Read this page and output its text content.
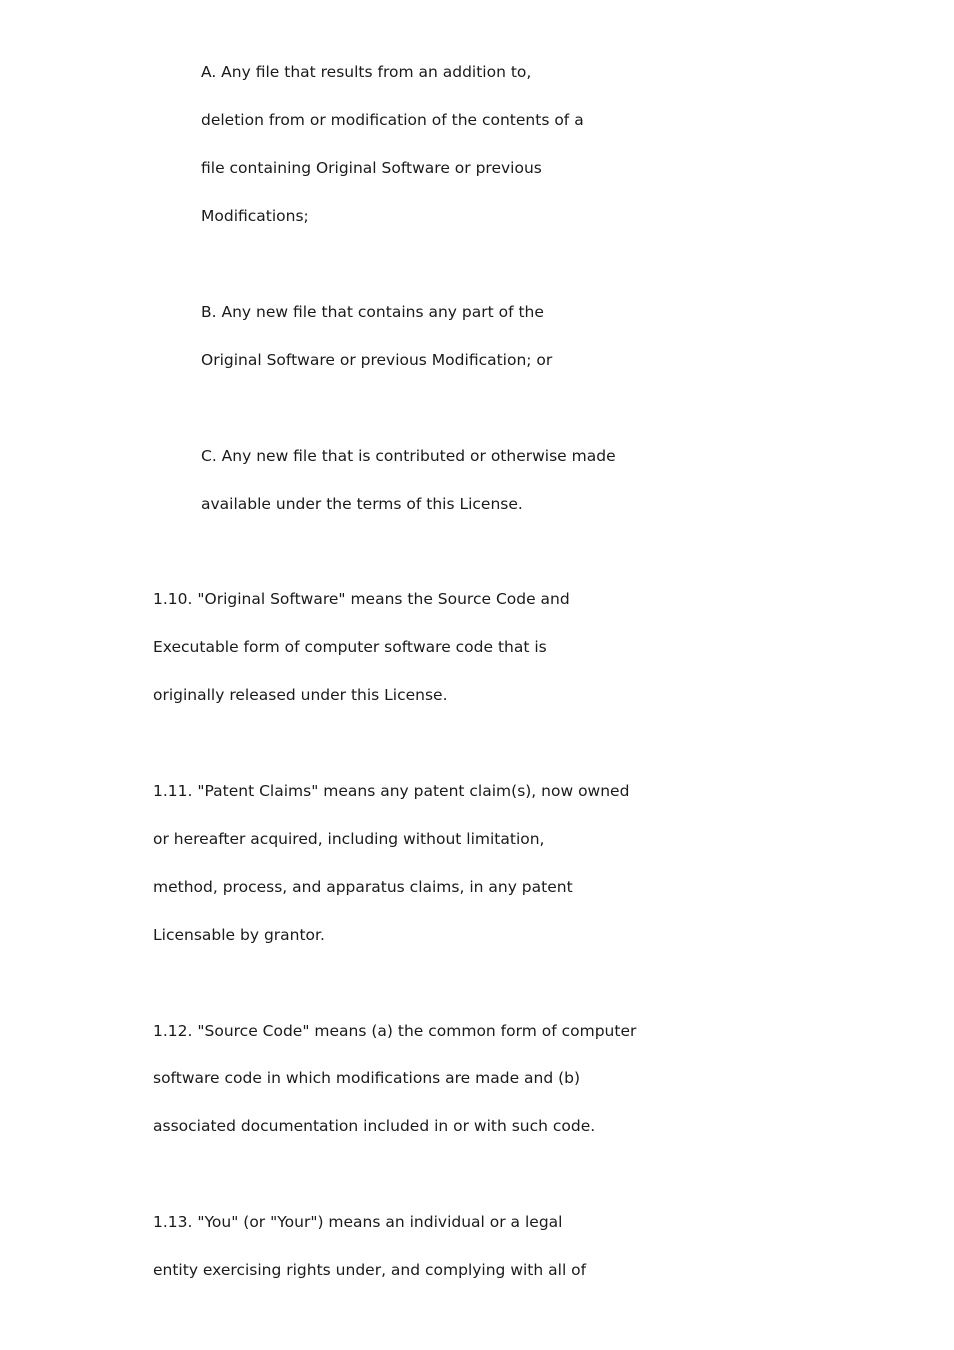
A. Any file that results from an addition to,
deletion from or modification of the contents of a
file containing Original Software or previous
Modifications;
B. Any new file that contains any part of the
Original Software or previous Modification; or
C. Any new file that is contributed or otherwise made
available under the terms of this License.
1.10. "Original Software" means the Source Code and
Executable form of computer software code that is
originally released under this License.
1.11. "Patent Claims" means any patent claim(s), now owned
or hereafter acquired, including without limitation,
method, process, and apparatus claims, in any patent
Licensable by grantor.
1.12. "Source Code" means (a) the common form of computer
software code in which modifications are made and (b)
associated documentation included in or with such code.
1.13. "You" (or "Your") means an individual or a legal
entity exercising rights under, and complying with all of
